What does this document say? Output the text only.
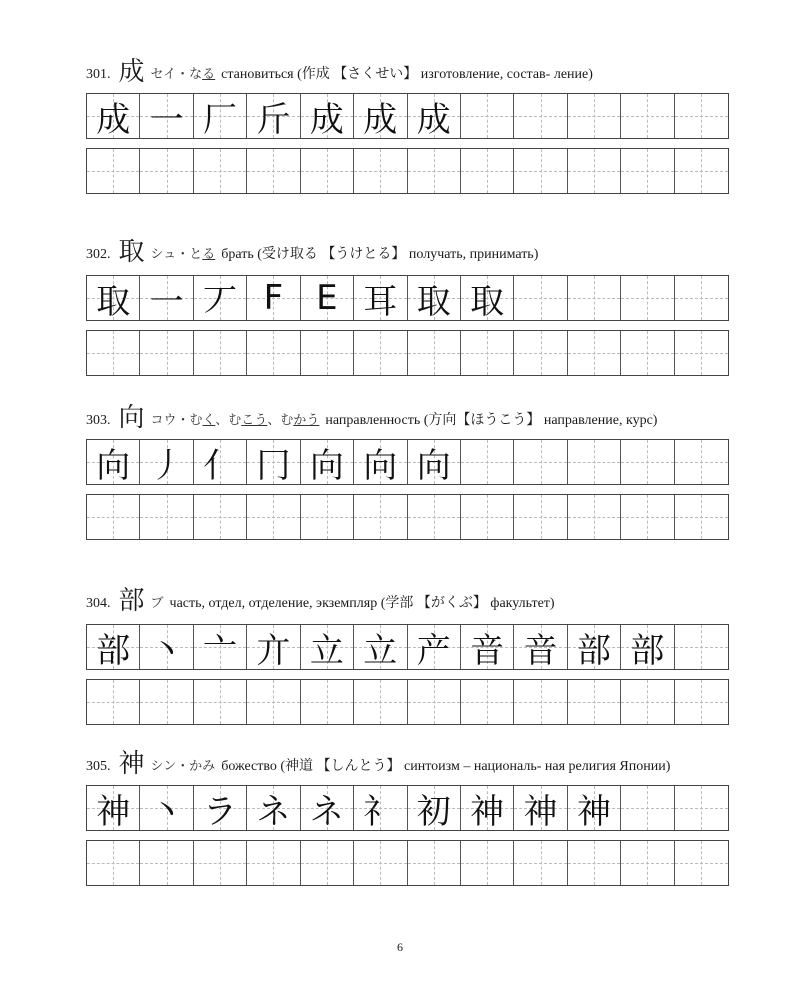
301. 成 セイ・なる становиться (作成 【さくせい】 изготовление, состав- ление)
成 一 厂 斤 成 成 成
302. 取 シュ・とる брать (受け取る 【うけとる】 получать, принимать)
取 一 丆 F E 耳 取 取
303. 向 コウ・むく、むこう、むかう направленность (方向【ほうこう】 направление, курс)
向 丿 亻 冂 向 向 向
304. 部 ブ часть, отдел, отделение, экземпляр (学部 【がくぶ】 факультет)
部 丶 亠 亣 立 立 产 音 音 部 部
305. 神 シン・かみ божество (神道 【しんとう】 синтоизм – националь- ная религия Японии)
神 丶 ラ ネ ネ 礻 初 神 神 神
6
